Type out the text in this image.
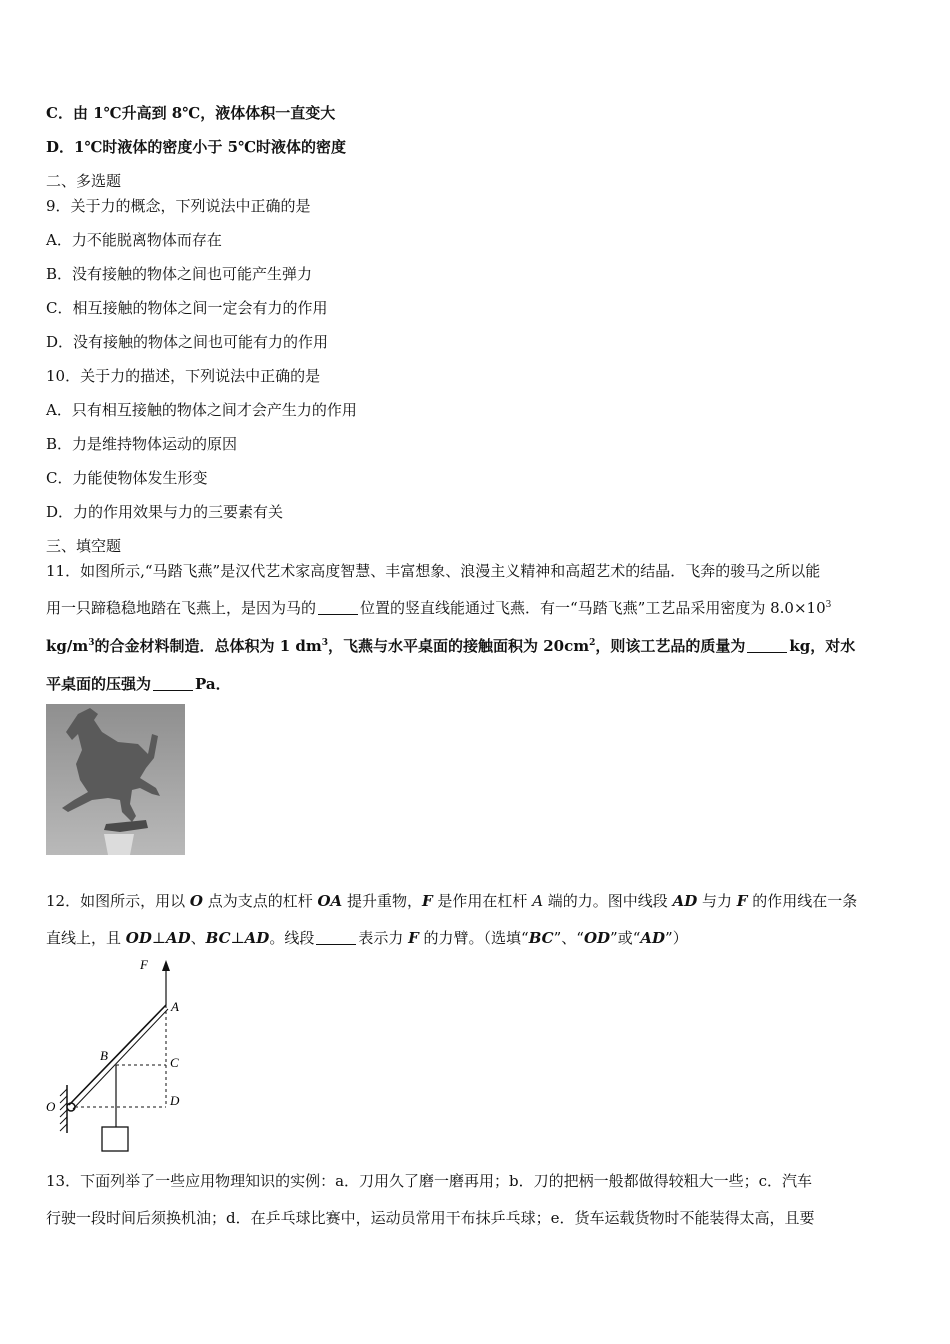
C．由 1℃升高到 8℃，液体体积一直变大
D．1℃时液体的密度小于 5℃时液体的密度
二、多选题
9．关于力的概念，下列说法中正确的是
A．力不能脱离物体而存在
B．没有接触的物体之间也可能产生弹力
C．相互接触的物体之间一定会有力的作用
D．没有接触的物体之间也可能有力的作用
10．关于力的描述，下列说法中正确的是
A．只有相互接触的物体之间才会产生力的作用
B．力是维持物体运动的原因
C．力能使物体发生形变
D．力的作用效果与力的三要素有关
三、填空题
11．如图所示,“马踏飞燕”是汉代艺术家高度智慧、丰富想象、浪漫主义精神和高超艺术的结晶．飞奔的骏马之所以能
用一只蹄稳稳地踏在飞燕上，是因为马的	位置的竖直线能通过飞燕．有一“马踏飞燕”工艺品采用密度为 $8.0\times 10^3$
$kg/m^3$的合金材料制造．总体积为 1 $dm^3$，飞燕与水平桌面的接触面积为 $20cm^2$，则该工艺品的质量为	kg，对水
平桌面的压强为	Pa．
12．如图所示，用以 O 点为支点的杠杆 OA 提升重物，F 是作用在杠杆 A 端的力。图中线段 AD 与力 F 的作用线在一条
直线上，且 OD⊥AD、BC⊥AD。线段	表示力 F 的力臂。（选填“BC”、“OD”或“AD”）
F
A
B	C
O	D
13．下面列举了一些应用物理知识的实例：a．刀用久了磨一磨再用；b．刀的把柄一般都做得较粗大一些；c．汽车
行驶一段时间后须换机油；d．在乒乓球比赛中，运动员常用干布抹乒乓球；e．货车运载货物时不能装得太高，且要
